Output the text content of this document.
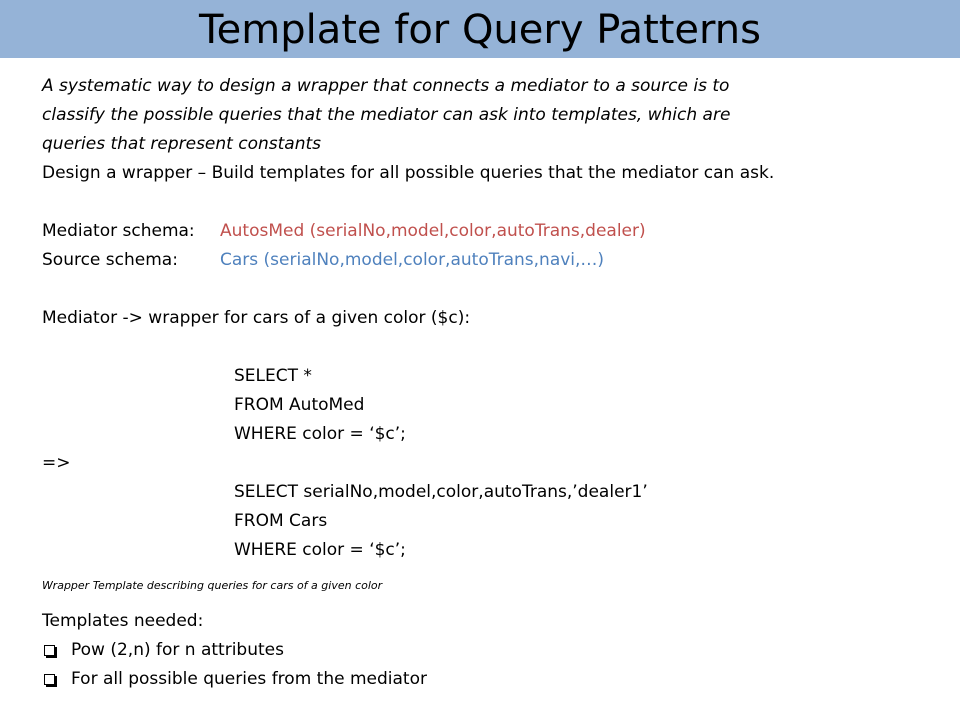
Template for Query Patterns
A systematic way to design a wrapper that connects a mediator to a source is to
classify the possible queries that the mediator can ask into templates, which are
queries that represent constants
Design a wrapper – Build templates for all possible queries that the mediator can ask.
Mediator schema: AutosMed (serialNo,model,color,autoTrans,dealer)
Source schema: Cars (serialNo,model,color,autoTrans,navi,…)
Mediator -> wrapper for cars of a given color ($c):
SELECT *
FROM AutoMed
WHERE color = ‘$c’;
=>
SELECT serialNo,model,color,autoTrans,’dealer1’
FROM Cars
WHERE color = ‘$c’;
Wrapper Template describing queries for cars of a given color
Templates needed:
Pow (2,n) for n attributes
For all possible queries from the mediator
